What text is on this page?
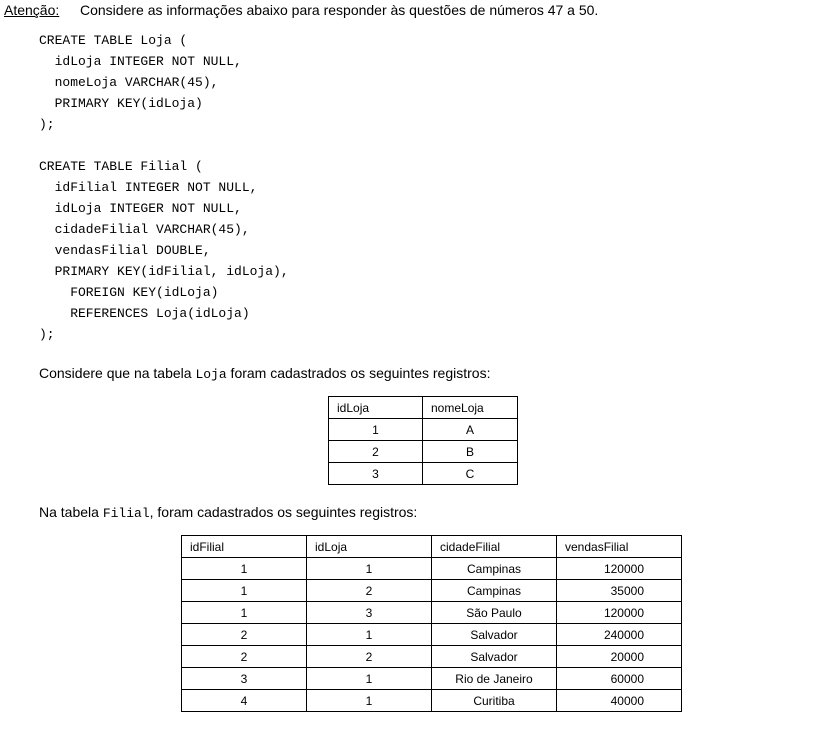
Atenção: Considere as informações abaixo para responder às questões de números 47 a 50.
CREATE TABLE Loja (
idLoja INTEGER NOT NULL,
nomeLoja VARCHAR(45),
PRIMARY KEY(idLoja)
);
CREATE TABLE Filial (
idFilial INTEGER NOT NULL,
idLoja INTEGER NOT NULL,
cidadeFilial VARCHAR(45),
vendasFilial DOUBLE,
PRIMARY KEY(idFilial, idLoja),
FOREIGN KEY(idLoja)
REFERENCES Loja(idLoja)
);
Considere que na tabela Loja foram cadastrados os seguintes registros:
idLoja	nomeLoja
1	A
2	B
3	C
Na tabela Filial, foram cadastrados os seguintes registros:
idFilial	idLoja	cidadeFilial	vendasFilial
1	1	Campinas	120000
1	2	Campinas	35000
1	3	São Paulo	120000
2	1	Salvador	240000
2	2	Salvador	20000
3	1	Rio de Janeiro	60000
4	1	Curitiba	40000
